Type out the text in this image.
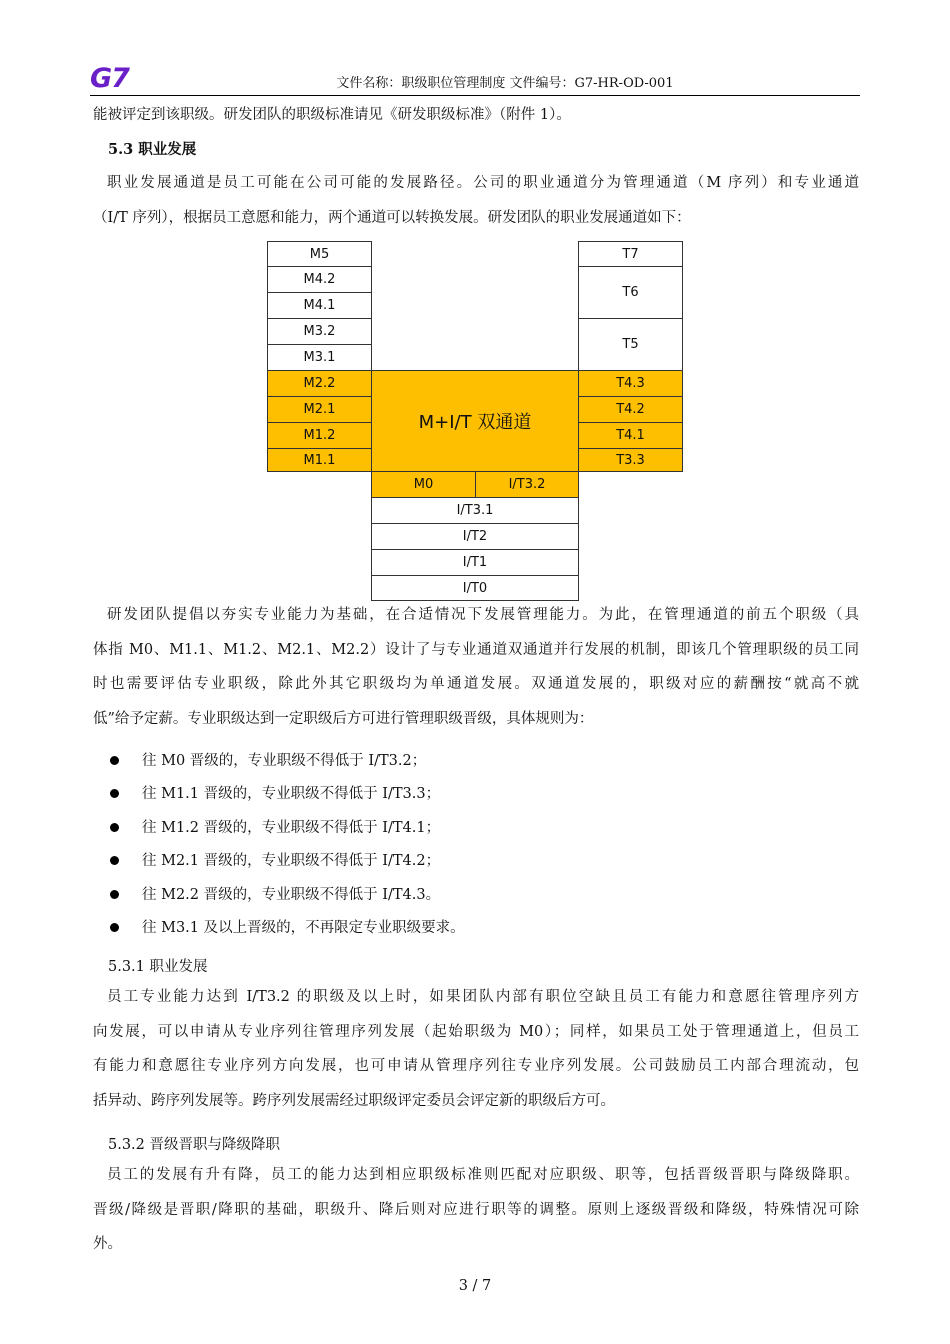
G7	文件名称：职级职位管理制度 文件编号：G7-HR-OD-001
能被评定到该职级。研发团队的职级标准请见《研发职级标准》（附件 1）。
5.3 职业发展
职业发展通道是员工可能在公司可能的发展路径。公司的职业通道分为管理通道（M 序列）和专业通道
（I/T 序列），根据员工意愿和能力，两个通道可以转换发展。研发团队的职业发展通道如下：
M5
M4.2
M4.1
M3.2
M3.1
M2.2
M2.1
M1.2
M1.1
M+I/T 双通道
T7
T6
T5
T4.3
T4.2
T4.1
T3.3
M0	I/T3.2
I/T3.1
I/T2
I/T1
I/T0
研发团队提倡以夯实专业能力为基础，在合适情况下发展管理能力。为此，在管理通道的前五个职级（具
体指 M0、M1.1、M1.2、M2.1、M2.2）设计了与专业通道双通道并行发展的机制，即该几个管理职级的员工同
时也需要评估专业职级，除此外其它职级均为单通道发展。双通道发展的，职级对应的薪酬按“就高不就
低”给予定薪。专业职级达到一定职级后方可进行管理职级晋级，具体规则为：
往 M0 晋级的，专业职级不得低于 I/T3.2；
往 M1.1 晋级的，专业职级不得低于 I/T3.3；
往 M1.2 晋级的，专业职级不得低于 I/T4.1；
往 M2.1 晋级的，专业职级不得低于 I/T4.2；
往 M2.2 晋级的，专业职级不得低于 I/T4.3。
往 M3.1 及以上晋级的，不再限定专业职级要求。
5.3.1 职业发展
员工专业能力达到 I/T3.2 的职级及以上时，如果团队内部有职位空缺且员工有能力和意愿往管理序列方
向发展，可以申请从专业序列往管理序列发展（起始职级为 M0）；同样，如果员工处于管理通道上，但员工
有能力和意愿往专业序列方向发展，也可申请从管理序列往专业序列发展。公司鼓励员工内部合理流动，包
括异动、跨序列发展等。跨序列发展需经过职级评定委员会评定新的职级后方可。
5.3.2 晋级晋职与降级降职
员工的发展有升有降，员工的能力达到相应职级标准则匹配对应职级、职等，包括晋级晋职与降级降职。
晋级/降级是晋职/降职的基础，职级升、降后则对应进行职等的调整。原则上逐级晋级和降级，特殊情况可除
外。
3 / 7
